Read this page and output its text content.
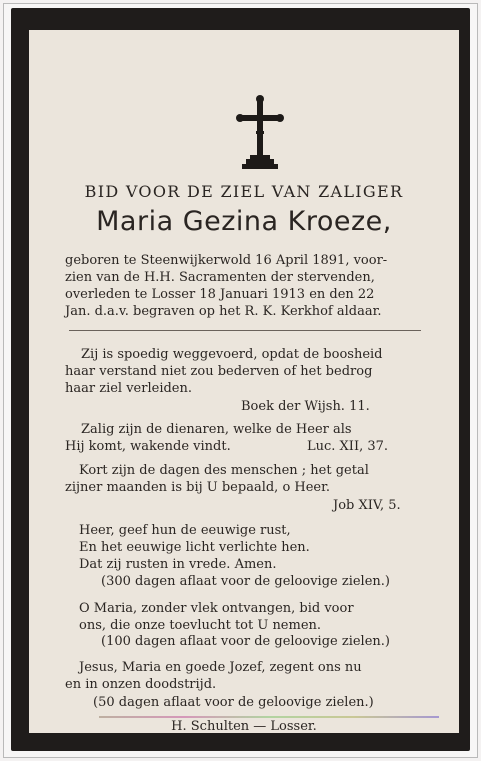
BID VOOR DE ZIEL VAN ZALIGER

Maria Gezina Kroeze,

geboren te Steenwijkerwold 16 April 1891, voor-

zien van de H.H. Sacramenten der stervenden,

overleden te Losser 18 Januari 1913 en den 22

Jan. d.a.v. begraven op het R. K. Kerkhof aldaar.

Zij is spoedig weggevoerd, opdat de boosheid

haar verstand niet zou bederven of het bedrog

haar ziel verleiden.

Boek der Wijsh. 11.

Zalig zijn de dienaren, welke de Heer als

Hij komt, wakende vindt.	Luc. XII, 37.

Kort zijn de dagen des menschen ; het getal

zijner maanden is bij U bepaald, o Heer.

Job XIV, 5.

Heer, geef hun de eeuwige rust,

En het eeuwige licht verlichte hen.

Dat zij rusten in vrede. Amen.

(300 dagen aflaat voor de geloovige zielen.)

O Maria, zonder vlek ontvangen, bid voor

ons, die onze toevlucht tot U nemen.

(100 dagen aflaat voor de geloovige zielen.)

Jesus, Maria en goede Jozef, zegent ons nu

en in onzen doodstrijd.

(50 dagen aflaat voor de geloovige zielen.)

H. Schulten — Losser.
